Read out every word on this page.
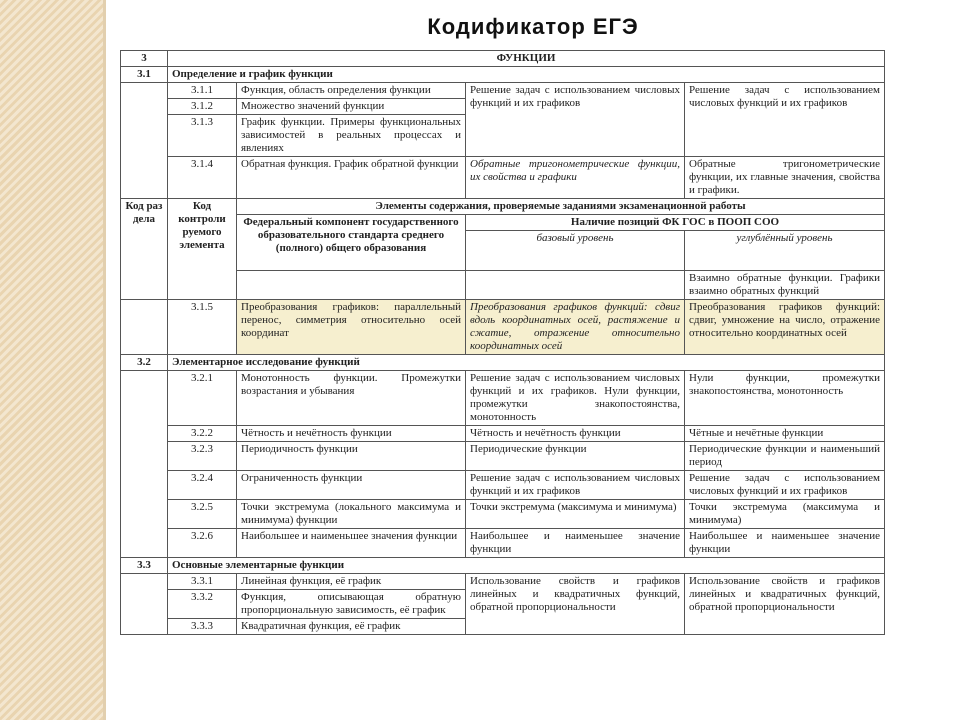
Кодификатор ЕГЭ
3	ФУНКЦИИ			
3.1	Определение и график функции			
	3.1.1	Функция, область определения функции	Решение задач с использованием числовых функций и их графиков	Решение задач с использованием числовых функций и их графиков
	3.1.2	Множество значений функции		
	3.1.3	График функции. Примеры функциональных зависимостей в реальных процессах и явлениях		
	3.1.4	Обратная функция. График обратной функции	Обратные тригонометрические функции, их свойства и графики	Обратные тригонометрические функции, их главные значения, свойства и графики.
Код раз дела	Код контроли руемого элемента	Элементы содержания, проверяемые заданиями экзаменационной работы		
		Федеральный компонент государственного образовательного стандарта среднего (полного) общего образования	Наличие позиций ФК ГОС в ПООП СОО	
			базовый уровень	углублённый уровень
				Взаимно обратные функции. Графики взаимно обратных функций
	3.1.5	Преобразования графиков: параллельный перенос, симметрия относительно осей координат	Преобразования графиков функций: сдвиг вдоль координатных осей, растяжение и сжатие, отражение относительно координатных осей	Преобразования графиков функций: сдвиг, умножение на число, отражение относительно координатных осей
3.2	Элементарное исследование функций			
	3.2.1	Монотонность функции. Промежутки возрастания и убывания	Решение задач с использованием числовых функций и их графиков. Нули функции, промежутки знакопостоянства, монотонность	Нули функции, промежутки знакопостоянства, монотонность
	3.2.2	Чётность и нечётность функции	Чётность и нечётность функции	Чётные и нечётные функции
	3.2.3	Периодичность функции	Периодические функции	Периодические функции и наименьший период
	3.2.4	Ограниченность функции	Решение задач с использованием числовых функций и их графиков	Решение задач с использованием числовых функций и их графиков
	3.2.5	Точки экстремума (локального максимума и минимума) функции	Точки экстремума (максимума и минимума)	Точки экстремума (максимума и минимума)
	3.2.6	Наибольшее и наименьшее значения функции	Наибольшее и наименьшее значение функции	Наибольшее и наименьшее значение функции
3.3	Основные элементарные функции			
	3.3.1	Линейная функция, её график	Использование свойств и графиков линейных и квадратичных функций, обратной пропорциональности	Использование свойств и графиков линейных и квадратичных функций, обратной пропорциональности
	3.3.2	Функция, описывающая обратную пропорциональную зависимость, её график		
	3.3.3	Квадратичная функция, её график		
